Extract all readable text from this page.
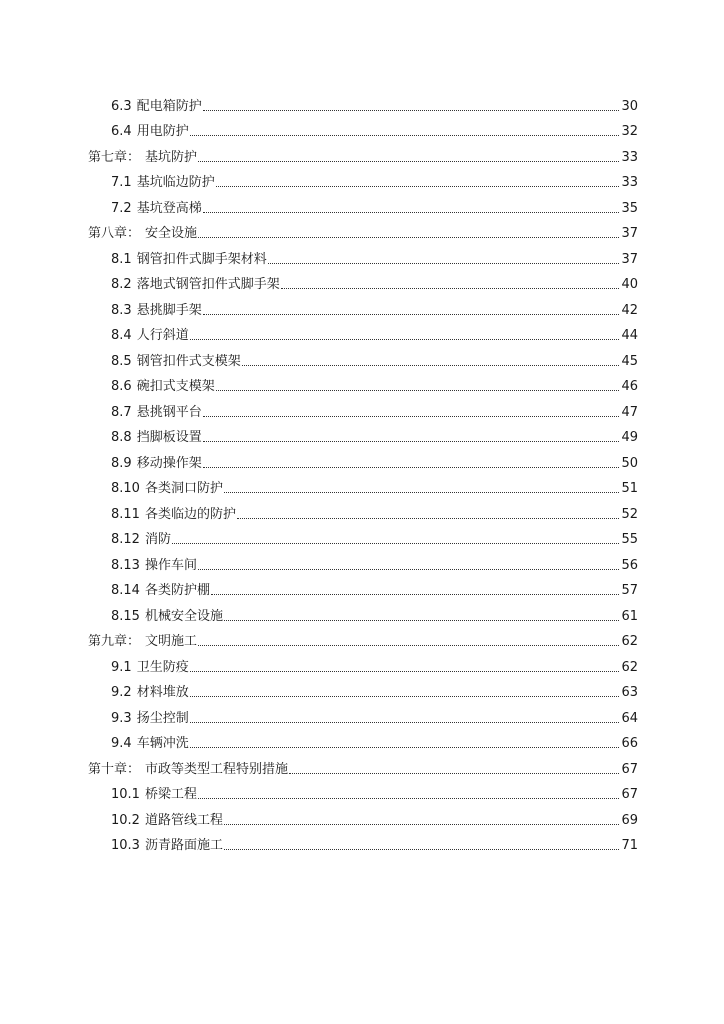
6.3 配电箱防护	30
6.4 用电防护	32
第七章： 基坑防护	33
7.1 基坑临边防护	33
7.2 基坑登高梯	35
第八章： 安全设施	37
8.1 钢管扣件式脚手架材料	37
8.2 落地式钢管扣件式脚手架	40
8.3 悬挑脚手架	42
8.4 人行斜道	44
8.5 钢管扣件式支模架	45
8.6 碗扣式支模架	46
8.7 悬挑钢平台	47
8.8 挡脚板设置	49
8.9 移动操作架	50
8.10 各类洞口防护	51
8.11 各类临边的防护	52
8.12 消防	55
8.13 操作车间	56
8.14 各类防护棚	57
8.15 机械安全设施	61
第九章： 文明施工	62
9.1 卫生防疫	62
9.2 材料堆放	63
9.3 扬尘控制	64
9.4 车辆冲洗	66
第十章： 市政等类型工程特别措施	67
10.1 桥梁工程	67
10.2 道路管线工程	69
10.3 沥青路面施工	71
